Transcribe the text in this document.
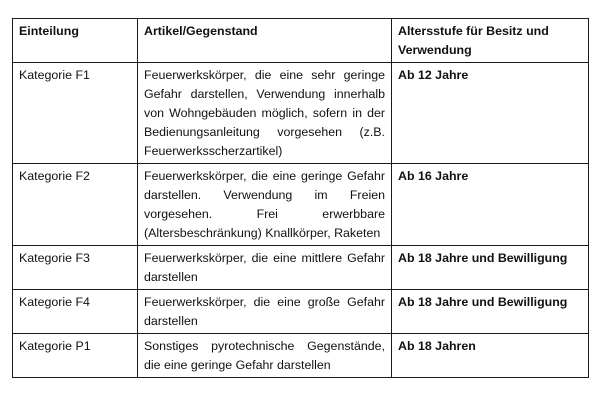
Einteilung	Artikel/Gegenstand	Altersstufe für Besitz und Verwendung
Kategorie F1	Feuerwerkskörper, die eine sehr geringe Gefahr darstellen, Verwendung innerhalb von Wohngebäuden möglich, sofern in der Bedienungsanleitung vorgesehen (z.B. Feuerwerksscherzartikel)	Ab 12 Jahre
Kategorie F2	Feuerwerkskörper, die eine geringe Gefahr darstellen. Verwendung im Freien vorgesehen. Frei erwerbbare (Altersbeschränkung) Knallkörper, Raketen	Ab 16 Jahre
Kategorie F3	Feuerwerkskörper, die eine mittlere Gefahr darstellen	Ab 18 Jahre und Bewilligung
Kategorie F4	Feuerwerkskörper, die eine große Gefahr darstellen	Ab 18 Jahre und Bewilligung
Kategorie P1	Sonstiges pyrotechnische Gegenstände, die eine geringe Gefahr darstellen	Ab 18 Jahren
